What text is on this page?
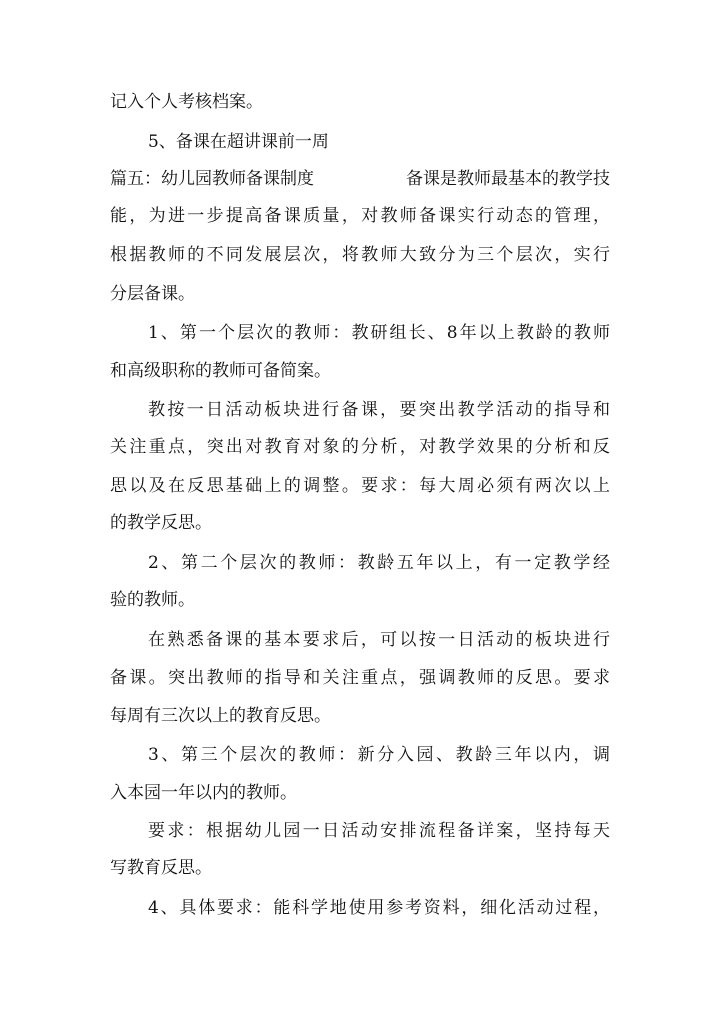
记入个人考核档案。
5、备课在超讲课前一周
篇五：幼儿园教师备课制度	备课是教师最基本的教学技
能，为进一步提高备课质量，对教师备课实行动态的管理，
根据教师的不同发展层次，将教师大致分为三个层次，实行
分层备课。
1、第一个层次的教师：教研组长、8年以上教龄的教师
和高级职称的教师可备简案。
教按一日活动板块进行备课，要突出教学活动的指导和
关注重点，突出对教育对象的分析，对教学效果的分析和反
思以及在反思基础上的调整。要求：每大周必须有两次以上
的教学反思。
2、第二个层次的教师：教龄五年以上，有一定教学经
验的教师。
在熟悉备课的基本要求后，可以按一日活动的板块进行
备课。突出教师的指导和关注重点，强调教师的反思。要求
每周有三次以上的教育反思。
3、第三个层次的教师：新分入园、教龄三年以内，调
入本园一年以内的教师。
要求：根据幼儿园一日活动安排流程备详案，坚持每天
写教育反思。
4、具体要求：能科学地使用参考资料，细化活动过程，
